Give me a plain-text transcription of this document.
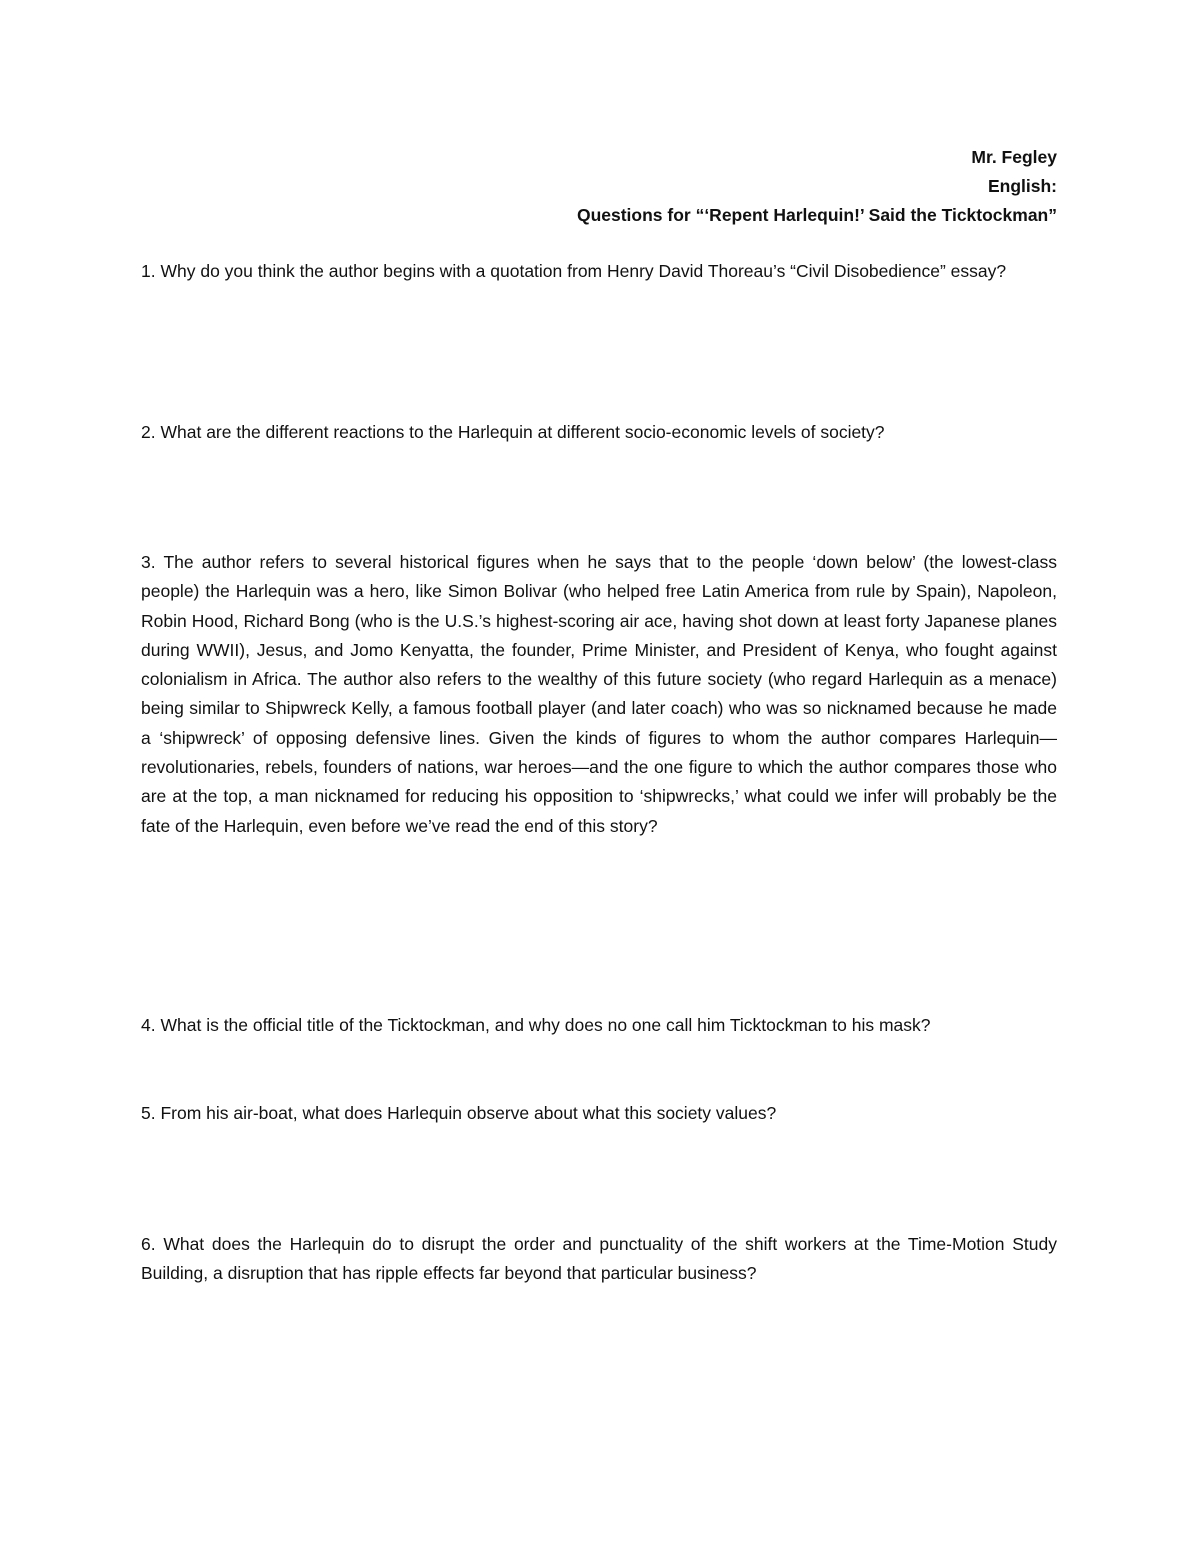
Mr. Fegley
English:
Questions for “‘Repent Harlequin!’ Said the Ticktockman”
1. Why do you think the author begins with a quotation from Henry David Thoreau’s “Civil Disobedience” essay?
2. What are the different reactions to the Harlequin at different socio-economic levels of society?
3. The author refers to several historical figures when he says that to the people ‘down below’ (the lowest-class people) the Harlequin was a hero, like Simon Bolivar (who helped free Latin America from rule by Spain), Napoleon, Robin Hood, Richard Bong (who is the U.S.’s highest-scoring air ace, having shot down at least forty Japanese planes during WWII), Jesus, and Jomo Kenyatta, the founder, Prime Minister, and President of Kenya, who fought against colonialism in Africa. The author also refers to the wealthy of this future society (who regard Harlequin as a menace) being similar to Shipwreck Kelly, a famous football player (and later coach) who was so nicknamed because he made a ‘shipwreck’ of opposing defensive lines. Given the kinds of figures to whom the author compares Harlequin—revolutionaries, rebels, founders of nations, war heroes—and the one figure to which the author compares those who are at the top, a man nicknamed for reducing his opposition to ‘shipwrecks,’ what could we infer will probably be the fate of the Harlequin, even before we’ve read the end of this story?
4. What is the official title of the Ticktockman, and why does no one call him Ticktockman to his mask?
5. From his air-boat, what does Harlequin observe about what this society values?
6. What does the Harlequin do to disrupt the order and punctuality of the shift workers at the Time-Motion Study Building, a disruption that has ripple effects far beyond that particular business?
